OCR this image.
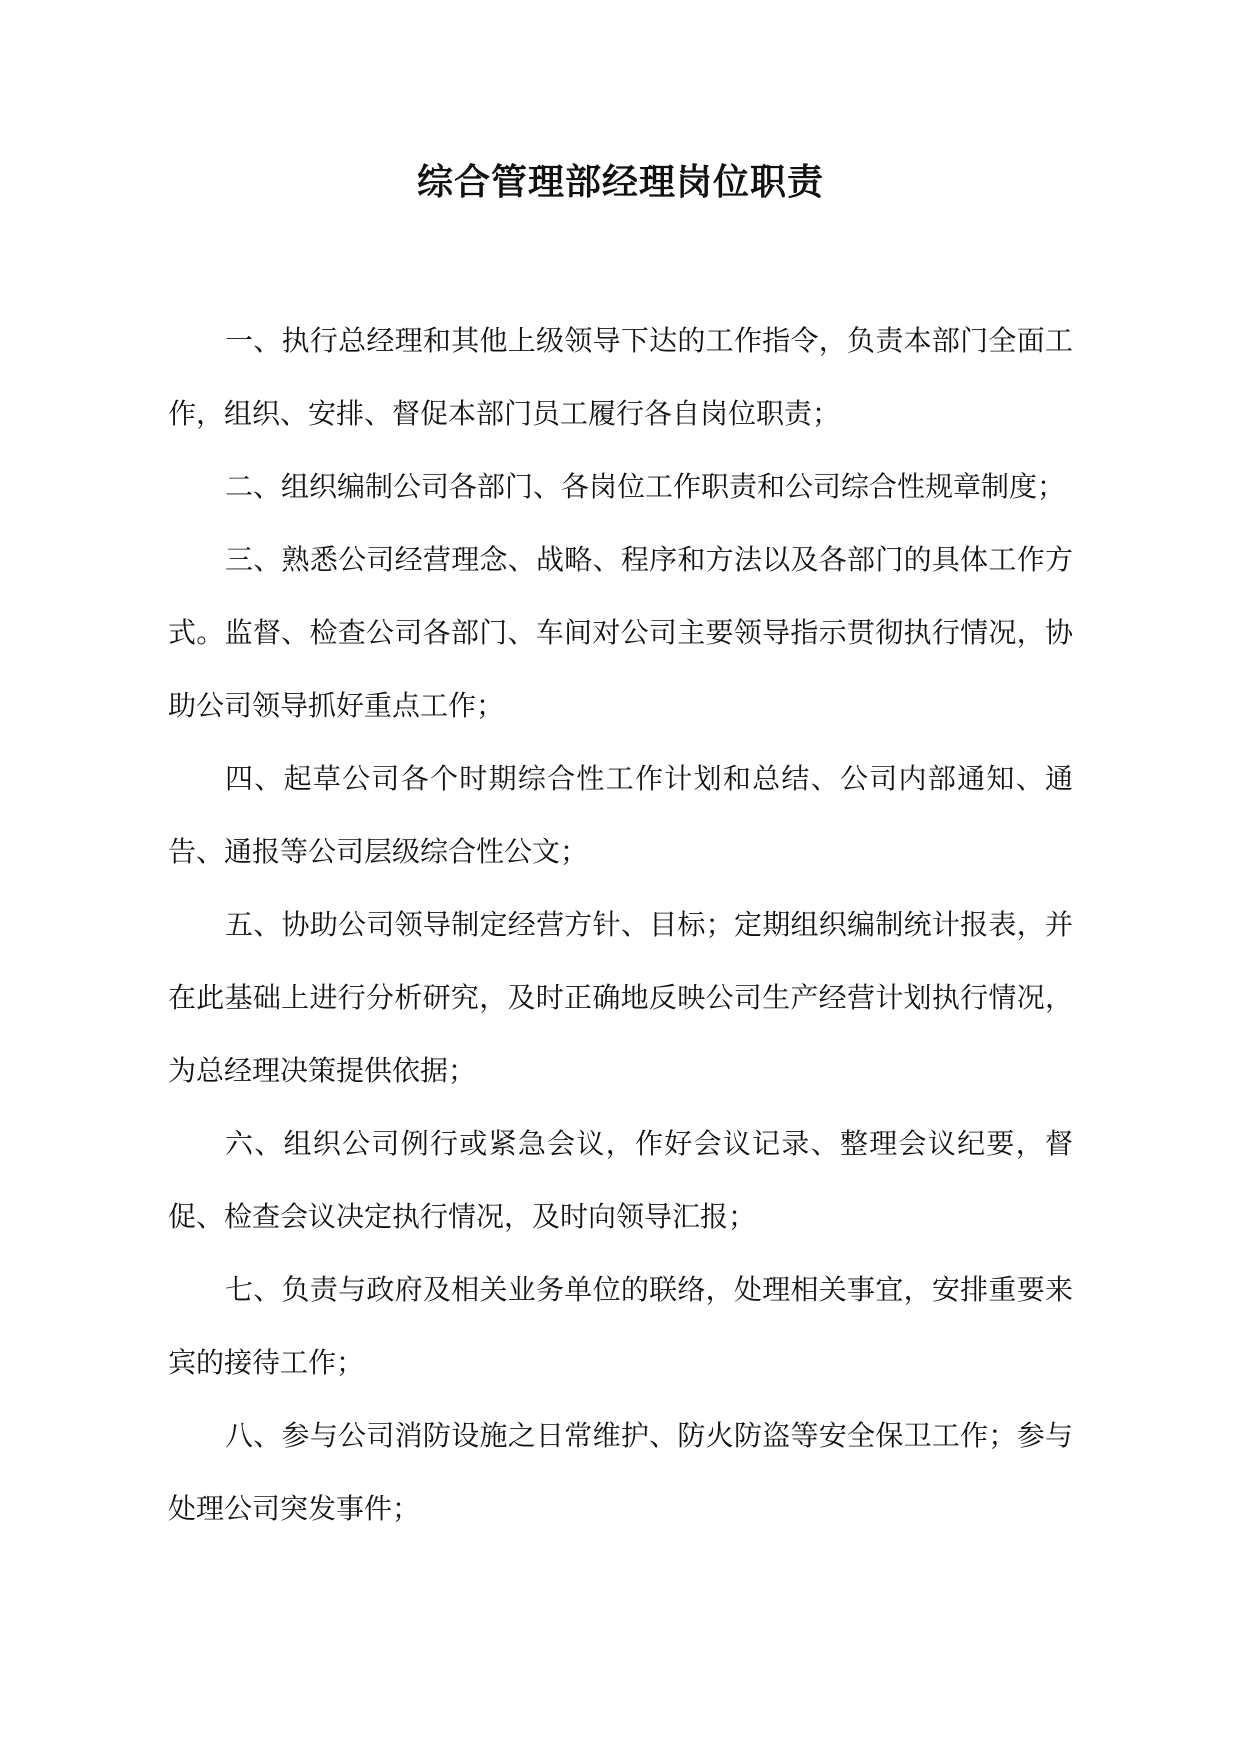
综合管理部经理岗位职责

一、执行总经理和其他上级领导下达的工作指令，负责本部门全面工作，组织、安排、督促本部门员工履行各自岗位职责；

二、组织编制公司各部门、各岗位工作职责和公司综合性规章制度；

三、熟悉公司经营理念、战略、程序和方法以及各部门的具体工作方式。监督、检查公司各部门、车间对公司主要领导指示贯彻执行情况，协助公司领导抓好重点工作；

四、起草公司各个时期综合性工作计划和总结、公司内部通知、通告、通报等公司层级综合性公文；

五、协助公司领导制定经营方针、目标；定期组织编制统计报表，并在此基础上进行分析研究，及时正确地反映公司生产经营计划执行情况，为总经理决策提供依据；

六、组织公司例行或紧急会议，作好会议记录、整理会议纪要，督促、检查会议决定执行情况，及时向领导汇报；

七、负责与政府及相关业务单位的联络，处理相关事宜，安排重要来宾的接待工作；

八、参与公司消防设施之日常维护、防火防盗等安全保卫工作；参与处理公司突发事件；
